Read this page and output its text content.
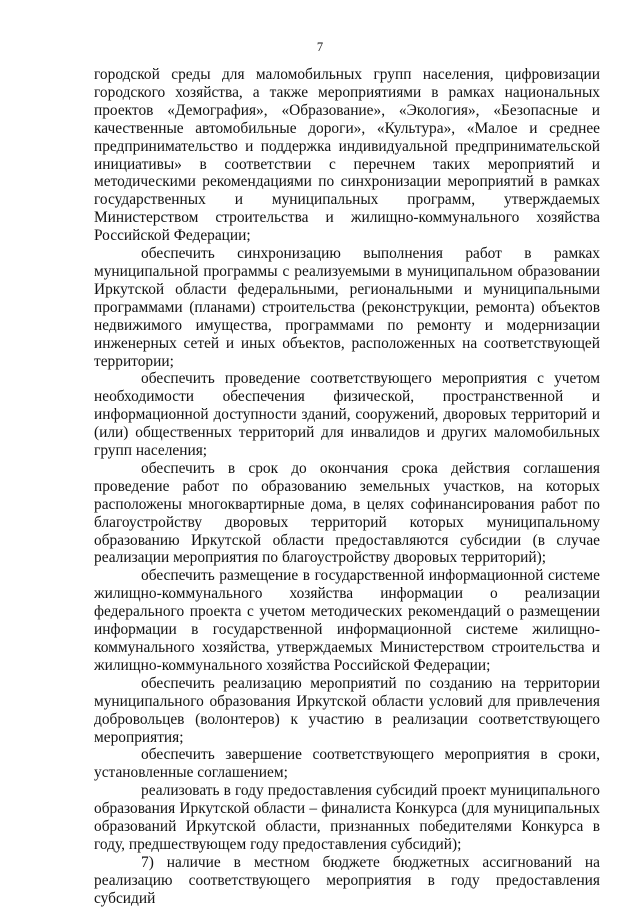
7

городской среды для маломобильных групп населения, цифровизации городского хозяйства, а также мероприятиями в рамках национальных проектов «Демография», «Образование», «Экология», «Безопасные и качественные автомобильные дороги», «Культура», «Малое и среднее предпринимательство и поддержка индивидуальной предпринимательской инициативы» в соответствии с перечнем таких мероприятий и методическими рекомендациями по синхронизации мероприятий в рамках государственных и муниципальных программ, утверждаемых Министерством строительства и жилищно-коммунального хозяйства Российской Федерации;

обеспечить синхронизацию выполнения работ в рамках муниципальной программы с реализуемыми в муниципальном образовании Иркутской области федеральными, региональными и муниципальными программами (планами) строительства (реконструкции, ремонта) объектов недвижимого имущества, программами по ремонту и модернизации инженерных сетей и иных объектов, расположенных на соответствующей территории;

обеспечить проведение соответствующего мероприятия с учетом необходимости обеспечения физической, пространственной и информационной доступности зданий, сооружений, дворовых территорий и (или) общественных территорий для инвалидов и других маломобильных групп населения;

обеспечить в срок до окончания срока действия соглашения проведение работ по образованию земельных участков, на которых расположены многоквартирные дома, в целях софинансирования работ по благоустройству дворовых территорий которых муниципальному образованию Иркутской области предоставляются субсидии (в случае реализации мероприятия по благоустройству дворовых территорий);

обеспечить размещение в государственной информационной системе жилищно-коммунального хозяйства информации о реализации федерального проекта с учетом методических рекомендаций о размещении информации в государственной информационной системе жилищно-коммунального хозяйства, утверждаемых Министерством строительства и жилищно-коммунального хозяйства Российской Федерации;

обеспечить реализацию мероприятий по созданию на территории муниципального образования Иркутской области условий для привлечения добровольцев (волонтеров) к участию в реализации соответствующего мероприятия;

обеспечить завершение соответствующего мероприятия в сроки, установленные соглашением;

реализовать в году предоставления субсидий проект муниципального образования Иркутской области – финалиста Конкурса (для муниципальных образований Иркутской области, признанных победителями Конкурса в году, предшествующем году предоставления субсидий);

7) наличие в местном бюджете бюджетных ассигнований на реализацию соответствующего мероприятия в году предоставления субсидий
